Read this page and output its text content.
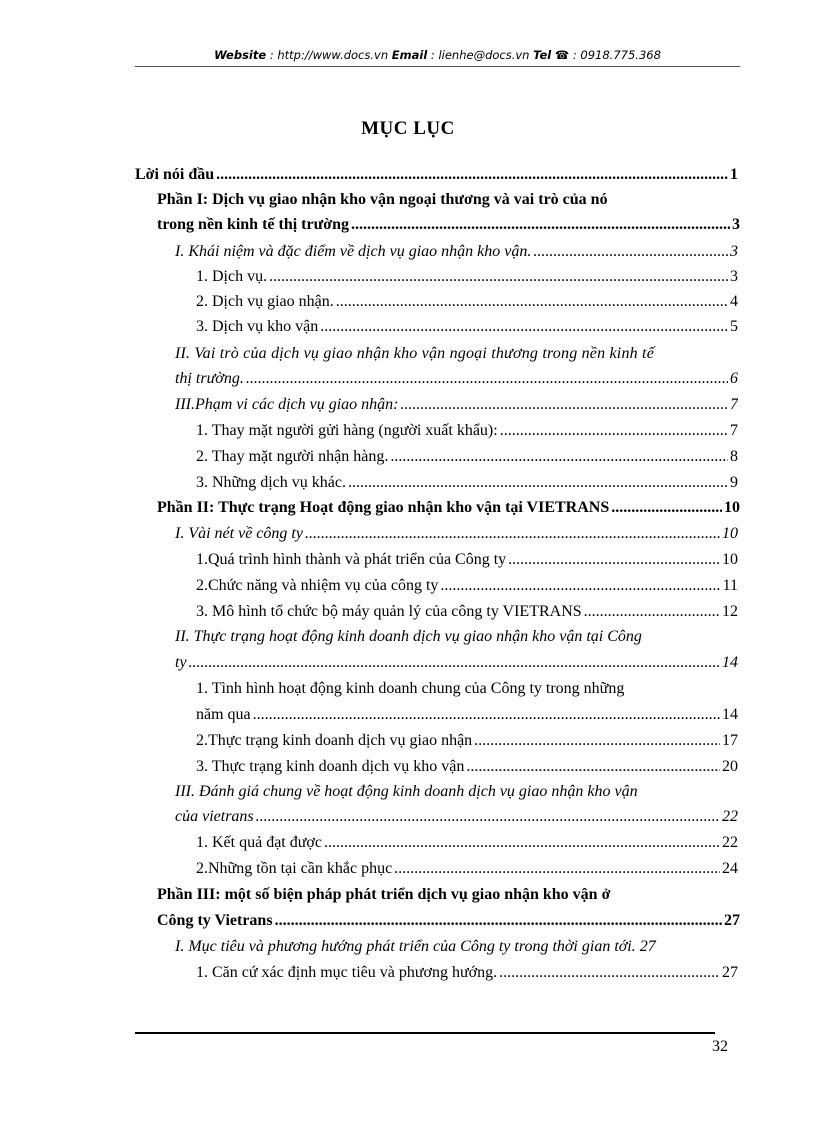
Website : http://www.docs.vn Email : lienhe@docs.vn Tel ☎ : 0918.775.368
MỤC LỤC
Lời nói đầu .....	1
Phần I: Dịch vụ giao nhận kho vận ngoại thương và vai trò của nó
trong nền kinh tế thị trường .....	3
I. Khái niệm và đặc điểm về dịch vụ giao nhận kho vận. .....	3
1. Dịch vụ. .....	3
2. Dịch vụ giao nhận. .....	4
3. Dịch vụ kho vận .....	5
II. Vai trò của dịch vụ giao nhận kho vận ngoại thương trong nền kinh tế
thị trường. .....	6
III.Phạm vi các dịch vụ giao nhận: .....	7
1. Thay mặt người gửi hàng (người xuất khẩu): .....	7
2. Thay mặt người nhận hàng. .....	8
3. Những dịch vụ khác. .....	9
Phần II: Thực trạng Hoạt động giao nhận kho vận tại VIETRANS .....	10
I. Vài nét về công ty .....	10
1.Quá trình hình thành và phát triển của Công ty .....	10
2.Chức năng và nhiệm vụ của công ty .....	11
3. Mô hình tổ chức bộ máy quản lý của công ty VIETRANS .....	12
II. Thực trạng hoạt động kinh doanh dịch vụ giao nhận kho vận tại Công
ty .....	14
1. Tình hình hoạt động kinh doanh chung của Công ty trong những
năm qua .....	14
2.Thực trạng kinh doanh dịch vụ giao nhận .....	17
3. Thực trạng kinh doanh dịch vụ kho vận .....	20
III. Đánh giá chung về hoạt động kinh doanh dịch vụ giao nhận kho vận
của vietrans .....	22
1. Kết quả đạt được .....	22
2.Những tồn tại cần khắc phục .....	24
Phần III: một số biện pháp phát triển dịch vụ giao nhận kho vận ở
Công ty Vietrans .....	27
I. Mục tiêu và phương hướng phát triển của Công ty trong thời gian tới. 27
1. Căn cứ xác định mục tiêu và phương hướng. .....	27
32
